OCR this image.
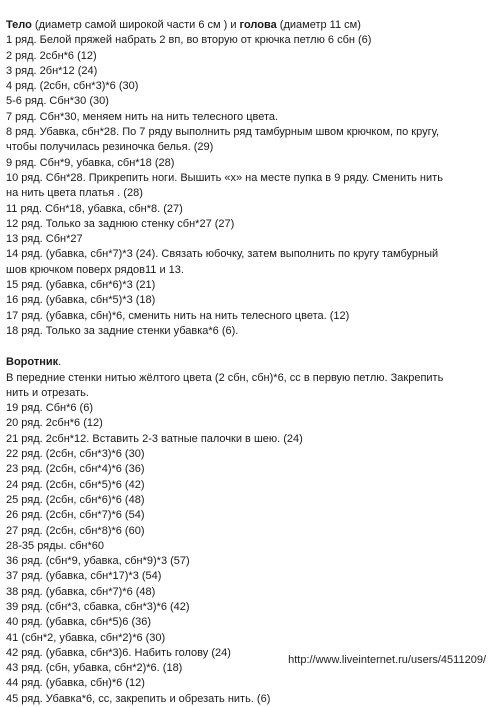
Тело (диаметр самой широкой части 6 см ) и голова (диаметр 11 см)
1 ряд. Белой пряжей набрать 2 вп, во вторую от крючка петлю 6 сбн (6)
2 ряд. 2сбн*6 (12)
3 ряд. 2бн*12 (24)
4 ряд. (2сбн, сбн*3)*6 (30)
5-6 ряд. Сбн*30 (30)
7 ряд. Сбн*30, меняем нить на нить телесного цвета.
8 ряд. Убавка, сбн*28. По 7 ряду выполнить ряд тамбурным швом крючком, по кругу,
чтобы получилась резиночка белья. (29)
9 ряд. Сбн*9, убавка, сбн*18 (28)
10 ряд. Сбн*28. Прикрепить ноги. Вышить «х» на месте пупка в 9 ряду. Сменить нить
на нить цвета платья . (28)
11 ряд. Сбн*18, убавка, сбн*8. (27)
12 ряд. Только за заднюю стенку сбн*27 (27)
13 ряд. Сбн*27
14 ряд. (убавка, сбн*7)*3 (24). Связать юбочку, затем выполнить по кругу тамбурный
шов крючком поверх рядов11 и 13.
15 ряд. (убавка, сбн*6)*3 (21)
16 ряд. (убавка, сбн*5)*3 (18)
17 ряд. (убавка, сбн)*6, сменить нить на нить телесного цвета. (12)
18 ряд. Только за задние стенки убавка*6 (6).
Воротник.
В передние стенки нитью жёлтого цвета (2 сбн, сбн)*6, сс в первую петлю. Закрепить
нить и отрезать.
19 ряд. Сбн*6 (6)
20 ряд. 2сбн*6 (12)
21 ряд. 2сбн*12. Вставить 2-3 ватные палочки в шею. (24)
22 ряд. (2сбн, сбн*3)*6 (30)
23 ряд. (2сбн, сбн*4)*6 (36)
24 ряд. (2сбн, сбн*5)*6 (42)
25 ряд. (2сбн, сбн*6)*6 (48)
26 ряд. (2сбн, сбн*7)*6 (54)
27 ряд. (2сбн, сбн*8)*6 (60)
28-35 ряды. сбн*60
36 ряд. (сбн*9, убавка, сбн*9)*3 (57)
37 ряд. (убавка, сбн*17)*3 (54)
38 ряд. (убавка, сбн*7)*6 (48)
39 ряд. (сбн*3, сбавка, сбн*3)*6 (42)
40 ряд. (убавка, сбн*5)6 (36)
41 (сбн*2, убавка, сбн*2)*6 (30)
42 ряд. (убавка, сбн*3)6. Набить голову (24)
43 ряд. (сбн, убавка, сбн*2)*6. (18)
44 ряд. (убавка, сбн)*6 (12)
45 ряд. Убавка*6, сс, закрепить и обрезать нить. (6)
http://www.liveinternet.ru/users/4511209/
